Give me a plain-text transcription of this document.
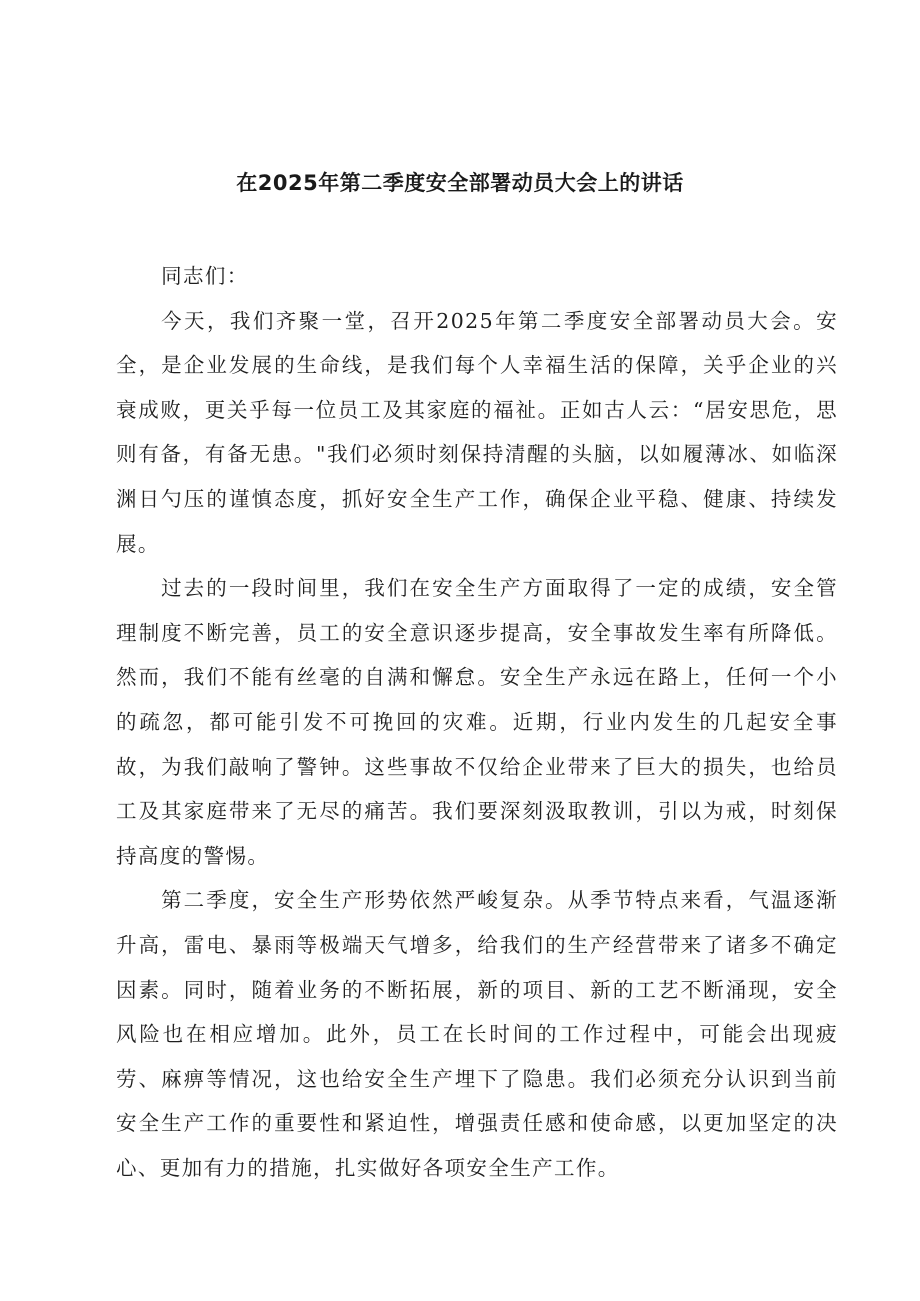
在2025年第二季度安全部署动员大会上的讲话

同志们：

今天，我们齐聚一堂，召开2025年第二季度安全部署动员大会。安全，是企业发展的生命线，是我们每个人幸福生活的保障，关乎企业的兴衰成败，更关乎每一位员工及其家庭的福祉。正如古人云：“居安思危，思则有备，有备无患。"我们必须时刻保持清醒的头脑，以如履薄冰、如临深渊日勺压的谨慎态度，抓好安全生产工作，确保企业平稳、健康、持续发展。

过去的一段时间里，我们在安全生产方面取得了一定的成绩，安全管理制度不断完善，员工的安全意识逐步提高，安全事故发生率有所降低。然而，我们不能有丝毫的自满和懈怠。安全生产永远在路上，任何一个小的疏忽，都可能引发不可挽回的灾难。近期，行业内发生的几起安全事故，为我们敲响了警钟。这些事故不仅给企业带来了巨大的损失，也给员工及其家庭带来了无尽的痛苦。我们要深刻汲取教训，引以为戒，时刻保持高度的警惕。

第二季度，安全生产形势依然严峻复杂。从季节特点来看，气温逐渐升高，雷电、暴雨等极端天气增多，给我们的生产经营带来了诸多不确定因素。同时，随着业务的不断拓展，新的项目、新的工艺不断涌现，安全风险也在相应增加。此外，员工在长时间的工作过程中，可能会出现疲劳、麻痹等情况，这也给安全生产埋下了隐患。我们必须充分认识到当前安全生产工作的重要性和紧迫性，增强责任感和使命感，以更加坚定的决心、更加有力的措施，扎实做好各项安全生产工作。
